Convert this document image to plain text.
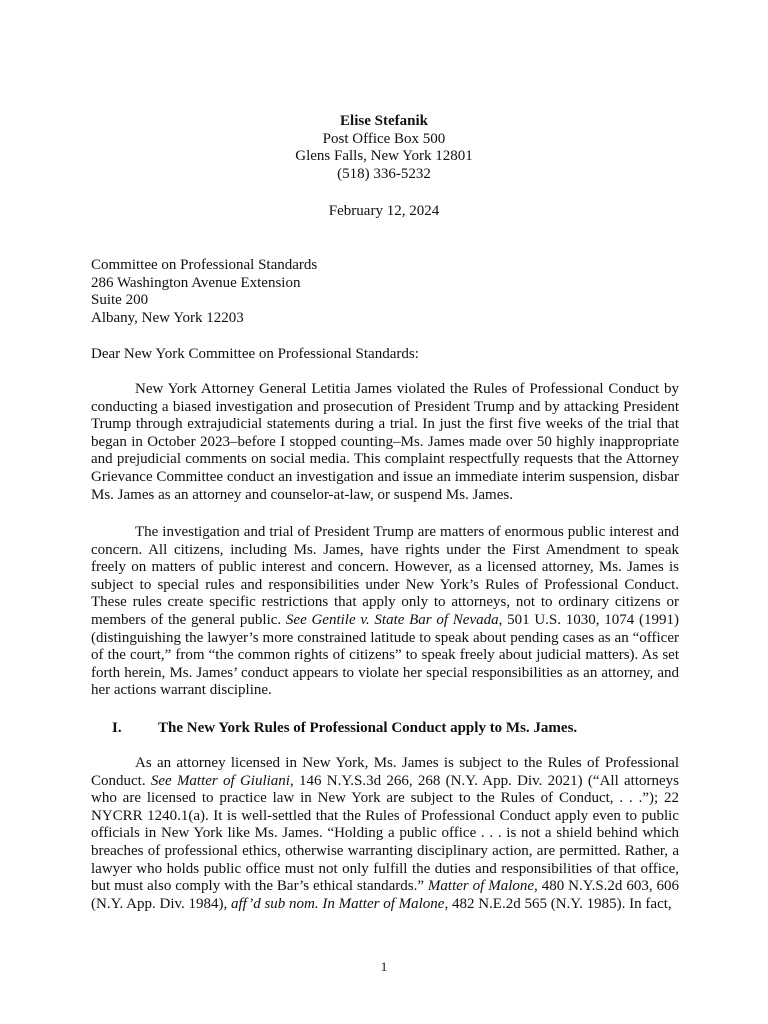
Elise Stefanik
Post Office Box 500
Glens Falls, New York 12801
(518) 336-5232
February 12, 2024
Committee on Professional Standards
286 Washington Avenue Extension
Suite 200
Albany, New York 12203
Dear New York Committee on Professional Standards:

New York Attorney General Letitia James violated the Rules of Professional Conduct by conducting a biased investigation and prosecution of President Trump and by attacking President Trump through extrajudicial statements during a trial. In just the first five weeks of the trial that began in October 2023–before I stopped counting–Ms. James made over 50 highly inappropriate and prejudicial comments on social media. This complaint respectfully requests that the Attorney Grievance Committee conduct an investigation and issue an immediate interim suspension, disbar Ms. James as an attorney and counselor-at-law, or suspend Ms. James.

The investigation and trial of President Trump are matters of enormous public interest and concern. All citizens, including Ms. James, have rights under the First Amendment to speak freely on matters of public interest and concern. However, as a licensed attorney, Ms. James is subject to special rules and responsibilities under New York’s Rules of Professional Conduct. These rules create specific restrictions that apply only to attorneys, not to ordinary citizens or members of the general public. See Gentile v. State Bar of Nevada, 501 U.S. 1030, 1074 (1991) (distinguishing the lawyer’s more constrained latitude to speak about pending cases as an “officer of the court,” from “the common rights of citizens” to speak freely about judicial matters). As set forth herein, Ms. James’ conduct appears to violate her special responsibilities as an attorney, and her actions warrant discipline.

I. The New York Rules of Professional Conduct apply to Ms. James.

As an attorney licensed in New York, Ms. James is subject to the Rules of Professional Conduct. See Matter of Giuliani, 146 N.Y.S.3d 266, 268 (N.Y. App. Div. 2021) (“All attorneys who are licensed to practice law in New York are subject to the Rules of Conduct, . . .”); 22 NYCRR 1240.1(a). It is well-settled that the Rules of Professional Conduct apply even to public officials in New York like Ms. James. “Holding a public office . . . is not a shield behind which breaches of professional ethics, otherwise warranting disciplinary action, are permitted. Rather, a lawyer who holds public office must not only fulfill the duties and responsibilities of that office, but must also comply with the Bar’s ethical standards.” Matter of Malone, 480 N.Y.S.2d 603, 606 (N.Y. App. Div. 1984), aff’d sub nom. In Matter of Malone, 482 N.E.2d 565 (N.Y. 1985). In fact,

1
